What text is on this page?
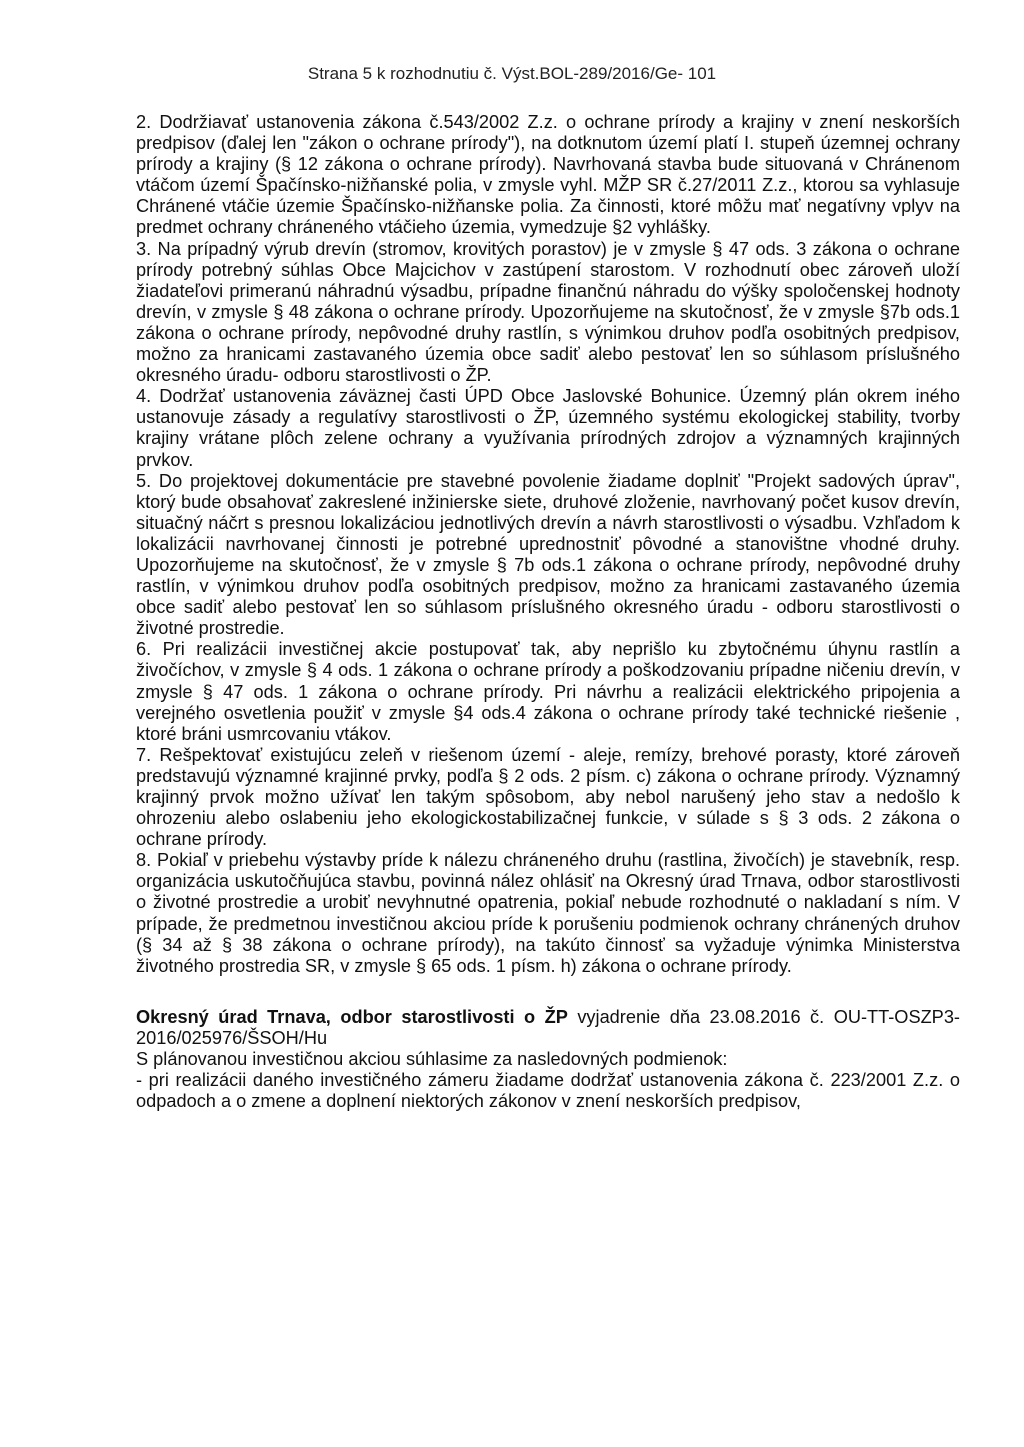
Strana 5 k rozhodnutiu č. Výst.BOL-289/2016/Ge- 101

2. Dodržiavať ustanovenia zákona č.543/2002 Z.z. o ochrane prírody a krajiny v znení neskorších predpisov (ďalej len "zákon o ochrane prírody"), na dotknutom území platí I. stupeň územnej ochrany prírody a krajiny (§ 12 zákona o ochrane prírody). Navrhovaná stavba bude situovaná v Chránenom vtáčom území Špačínsko-nižňanské polia, v zmysle vyhl. MŽP SR č.27/2011 Z.z., ktorou sa vyhlasuje Chránené vtáčie územie Špačínsko-nižňanske polia. Za činnosti, ktoré môžu mať negatívny vplyv na predmet ochrany chráneného vtáčieho územia, vymedzuje §2 vyhlášky.

3. Na prípadný výrub drevín (stromov, krovitých porastov) je v zmysle § 47 ods. 3 zákona o ochrane prírody potrebný súhlas Obce Majcichov v zastúpení starostom. V rozhodnutí obec zároveň uloží žiadateľovi primeranú náhradnú výsadbu, prípadne finančnú náhradu do výšky spoločenskej hodnoty drevín, v zmysle § 48 zákona o ochrane prírody. Upozorňujeme na skutočnosť, že v zmysle §7b ods.1 zákona o ochrane prírody, nepôvodné druhy rastlín, s výnimkou druhov podľa osobitných predpisov, možno za hranicami zastavaného územia obce sadiť alebo pestovať len so súhlasom príslušného okresného úradu- odboru starostlivosti o ŽP.

4. Dodržať ustanovenia záväznej časti ÚPD Obce Jaslovské Bohunice. Územný plán okrem iného ustanovuje zásady a regulatívy starostlivosti o ŽP, územného systému ekologickej stability, tvorby krajiny vrátane plôch zelene ochrany a využívania prírodných zdrojov a významných krajinných prvkov.

5. Do projektovej dokumentácie pre stavebné povolenie žiadame doplniť "Projekt sadových úprav", ktorý bude obsahovať zakreslené inžinierske siete, druhové zloženie, navrhovaný počet kusov drevín, situačný náčrt s presnou lokalizáciou jednotlivých drevín a návrh starostlivosti o výsadbu. Vzhľadom k lokalizácii navrhovanej činnosti je potrebné uprednostniť pôvodné a stanovištne vhodné druhy. Upozorňujeme na skutočnosť, že v zmysle § 7b ods.1 zákona o ochrane prírody, nepôvodné druhy rastlín, v výnimkou druhov podľa osobitných predpisov, možno za hranicami zastavaného územia obce sadiť alebo pestovať len so súhlasom príslušného okresného úradu - odboru starostlivosti o životné prostredie.

6. Pri realizácii investičnej akcie postupovať tak, aby neprišlo ku zbytočnému úhynu rastlín a živočíchov, v zmysle § 4 ods. 1 zákona o ochrane prírody a poškodzovaniu prípadne ničeniu drevín, v zmysle § 47 ods. 1 zákona o ochrane prírody. Pri návrhu a realizácii elektrického pripojenia a verejného osvetlenia použiť v zmysle §4 ods.4 zákona o ochrane prírody také technické riešenie , ktoré bráni usmrcovaniu vtákov.

7. Rešpektovať existujúcu zeleň v riešenom území - aleje, remízy, brehové porasty, ktoré zároveň predstavujú významné krajinné prvky, podľa § 2 ods. 2 písm. c) zákona o ochrane prírody. Významný krajinný prvok možno užívať len takým spôsobom, aby nebol narušený jeho stav a nedošlo k ohrozeniu alebo oslabeniu jeho ekologickostabilizačnej funkcie, v súlade s § 3 ods. 2 zákona o ochrane prírody.

8. Pokiaľ v priebehu výstavby príde k nálezu chráneného druhu (rastlina, živočích) je stavebník, resp. organizácia uskutočňujúca stavbu, povinná nález ohlásiť na Okresný úrad Trnava, odbor starostlivosti o životné prostredie a urobiť nevyhnutné opatrenia, pokiaľ nebude rozhodnuté o nakladaní s ním. V prípade, že predmetnou investičnou akciou príde k porušeniu podmienok ochrany chránených druhov (§ 34 až § 38 zákona o ochrane prírody), na takúto činnosť sa vyžaduje výnimka Ministerstva životného prostredia SR, v zmysle § 65 ods. 1 písm. h) zákona o ochrane prírody.

Okresný úrad Trnava, odbor starostlivosti o ŽP vyjadrenie dňa 23.08.2016 č. OU-TT-OSZP3-2016/025976/ŠSOH/Hu

S plánovanou investičnou akciou súhlasime za nasledovných podmienok:

- pri realizácii daného investičného zámeru žiadame dodržať ustanovenia zákona č. 223/2001 Z.z. o odpadoch a o zmene a doplnení niektorých zákonov v znení neskorších predpisov,
